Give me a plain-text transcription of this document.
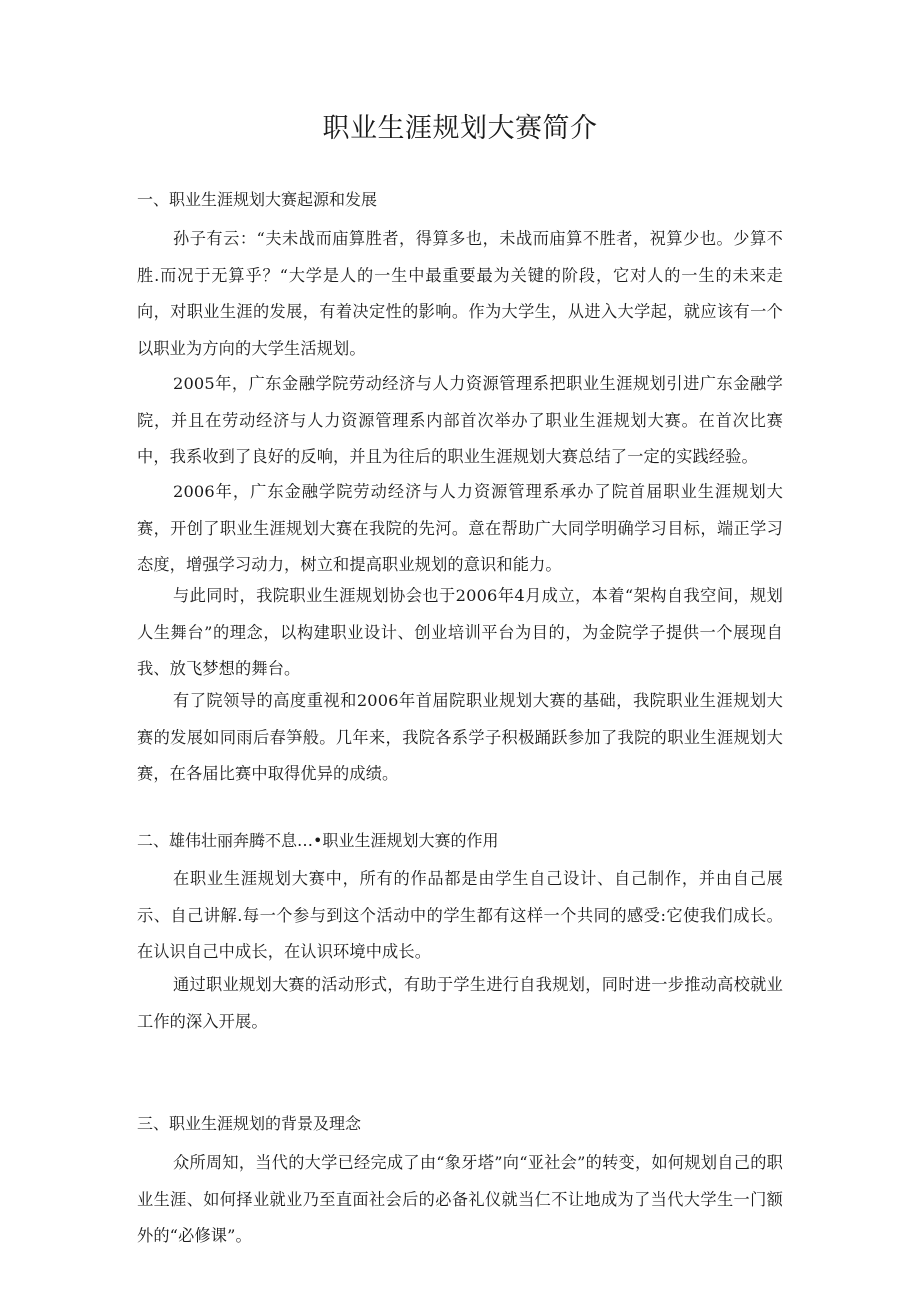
职业生涯规划大赛简介
一、职业生涯规划大赛起源和发展
孙子有云：“夫未战而庙算胜者，得算多也，未战而庙算不胜者，祝算少也。少算不胜.而况于无算乎？“大学是人的一生中最重要最为关键的阶段，它对人的一生的未来走向，对职业生涯的发展，有着决定性的影响。作为大学生，从进入大学起，就应该有一个以职业为方向的大学生活规划。
2005年，广东金融学院劳动经济与人力资源管理系把职业生涯规划引进广东金融学院，并且在劳动经济与人力资源管理系内部首次举办了职业生涯规划大赛。在首次比赛中，我系收到了良好的反响，并且为往后的职业生涯规划大赛总结了一定的实践经验。
2006年，广东金融学院劳动经济与人力资源管理系承办了院首届职业生涯规划大赛，开创了职业生涯规划大赛在我院的先河。意在帮助广大同学明确学习目标，端正学习态度，增强学习动力，树立和提高职业规划的意识和能力。
与此同时，我院职业生涯规划协会也于2006年4月成立，本着“架构自我空间，规划人生舞台”的理念，以构建职业设计、创业培训平台为目的，为金院学子提供一个展现自我、放飞梦想的舞台。
有了院领导的高度重视和2006年首届院职业规划大赛的基础，我院职业生涯规划大赛的发展如同雨后春笋般。几年来，我院各系学子积极踊跃参加了我院的职业生涯规划大赛，在各届比赛中取得优异的成绩。
二、雄伟壮丽奔腾不息…•职业生涯规划大赛的作用
在职业生涯规划大赛中，所有的作品都是由学生自己设计、自己制作，并由自己展示、自己讲解.每一个参与到这个活动中的学生都有这样一个共同的感受:它使我们成长。在认识自己中成长，在认识环境中成长。
通过职业规划大赛的活动形式，有助于学生进行自我规划，同时进一步推动高校就业工作的深入开展。
三、职业生涯规划的背景及理念
众所周知，当代的大学已经完成了由“象牙塔”向“亚社会”的转变，如何规划自己的职业生涯、如何择业就业乃至直面社会后的必备礼仪就当仁不让地成为了当代大学生一门额外的“必修课”。
